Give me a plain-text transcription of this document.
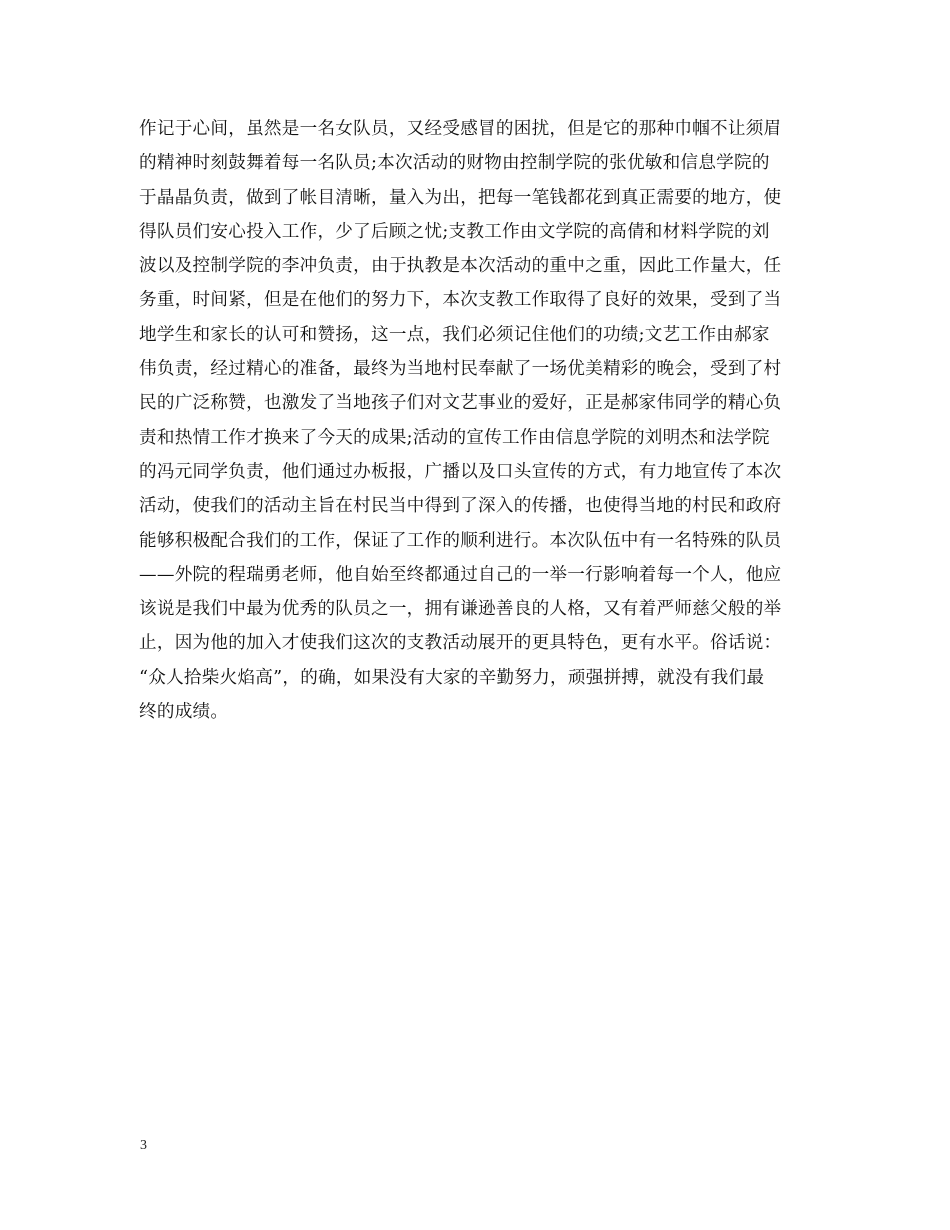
作记于心间，虽然是一名女队员，又经受感冒的困扰，但是它的那种巾帼不让须眉
的精神时刻鼓舞着每一名队员;本次活动的财物由控制学院的张优敏和信息学院的
于晶晶负责，做到了帐目清晰，量入为出，把每一笔钱都花到真正需要的地方，使
得队员们安心投入工作，少了后顾之忧;支教工作由文学院的高倩和材料学院的刘
波以及控制学院的李冲负责，由于执教是本次活动的重中之重，因此工作量大，任
务重，时间紧，但是在他们的努力下，本次支教工作取得了良好的效果，受到了当
地学生和家长的认可和赞扬，这一点，我们必须记住他们的功绩;文艺工作由郝家
伟负责，经过精心的准备，最终为当地村民奉献了一场优美精彩的晚会，受到了村
民的广泛称赞，也激发了当地孩子们对文艺事业的爱好，正是郝家伟同学的精心负
责和热情工作才换来了今天的成果;活动的宣传工作由信息学院的刘明杰和法学院
的冯元同学负责，他们通过办板报，广播以及口头宣传的方式，有力地宣传了本次
活动，使我们的活动主旨在村民当中得到了深入的传播，也使得当地的村民和政府
能够积极配合我们的工作，保证了工作的顺利进行。本次队伍中有一名特殊的队员
——外院的程瑞勇老师，他自始至终都通过自己的一举一行影响着每一个人，他应
该说是我们中最为优秀的队员之一，拥有谦逊善良的人格，又有着严师慈父般的举
止，因为他的加入才使我们这次的支教活动展开的更具特色，更有水平。俗话说：
“众人拾柴火焰高”，的确，如果没有大家的辛勤努力，顽强拼搏，就没有我们最
终的成绩。
3
